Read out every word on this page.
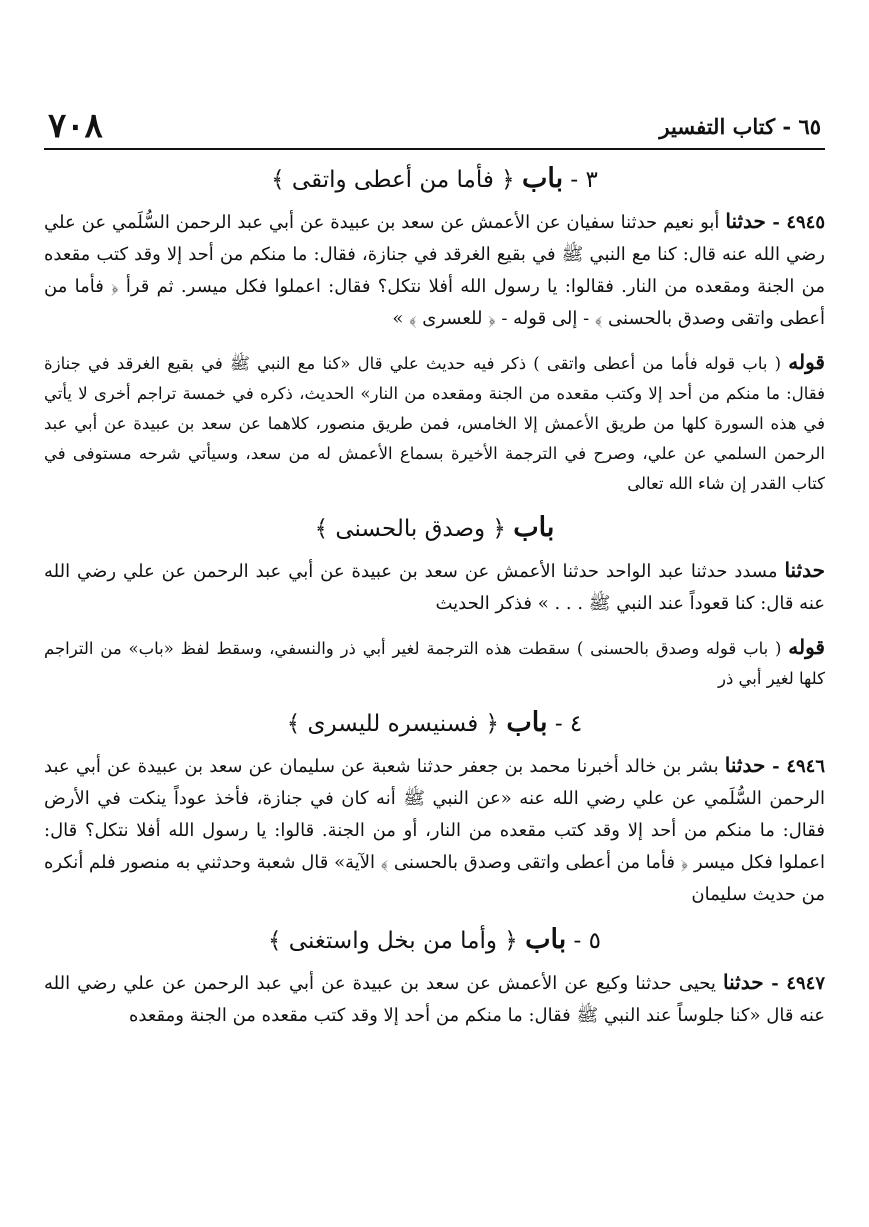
٧٠٨	٦٥ - كتاب التفسير
٣ - باب ﴿ فأما من أعطى واتقى ﴾

٤٩٤٥ - حدثنا أبو نعيم حدثنا سفيان عن الأعمش عن سعد بن عبيدة عن أبي عبد الرحمن السُّلَمي عن علي رضي الله عنه قال: كنا مع النبي ﷺ في بقيع الغرقد في جنازة، فقال: ما منكم من أحد إلا وقد كتب مقعده من الجنة ومقعده من النار. فقالوا: يا رسول الله أفلا نتكل؟ فقال: اعملوا فكل ميسر. ثم قرأ ﴿ فأما من أعطى واتقى وصدق بالحسنى ﴾ - إلى قوله - ﴿ للعسرى ﴾ »

قوله ( باب قوله فأما من أعطى واتقى ) ذكر فيه حديث علي قال «كنا مع النبي ﷺ في بقيع الغرقد في جنازة فقال: ما منكم من أحد إلا وكتب مقعده من الجنة ومقعده من النار» الحديث، ذكره في خمسة تراجم أخرى لا يأتي في هذه السورة كلها من طريق الأعمش إلا الخامس، فمن طريق منصور، كلاهما عن سعد بن عبيدة عن أبي عبد الرحمن السلمي عن علي، وصرح في الترجمة الأخيرة بسماع الأعمش له من سعد، وسيأتي شرحه مستوفى في كتاب القدر إن شاء الله تعالى

باب ﴿ وصدق بالحسنى ﴾

حدثنا مسدد حدثنا عبد الواحد حدثنا الأعمش عن سعد بن عبيدة عن أبي عبد الرحمن عن علي رضي الله عنه قال: كنا قعوداً عند النبي ﷺ . . . » فذكر الحديث

قوله ( باب قوله وصدق بالحسنى ) سقطت هذه الترجمة لغير أبي ذر والنسفي، وسقط لفظ «باب» من التراجم كلها لغير أبي ذر

٤ - باب ﴿ فسنيسره لليسرى ﴾

٤٩٤٦ - حدثنا بشر بن خالد أخبرنا محمد بن جعفر حدثنا شعبة عن سليمان عن سعد بن عبيدة عن أبي عبد الرحمن السُّلَمي عن علي رضي الله عنه «عن النبي ﷺ أنه كان في جنازة، فأخذ عوداً ينكت في الأرض فقال: ما منكم من أحد إلا وقد كتب مقعده من النار، أو من الجنة. قالوا: يا رسول الله أفلا نتكل؟ قال: اعملوا فكل ميسر ﴿ فأما من أعطى واتقى وصدق بالحسنى ﴾ الآية» قال شعبة وحدثني به منصور فلم أنكره من حديث سليمان

٥ - باب ﴿ وأما من بخل واستغنى ﴾

٤٩٤٧ - حدثنا يحيى حدثنا وكيع عن الأعمش عن سعد بن عبيدة عن أبي عبد الرحمن عن علي رضي الله عنه قال «كنا جلوساً عند النبي ﷺ فقال: ما منكم من أحد إلا وقد كتب مقعده من الجنة ومقعده
